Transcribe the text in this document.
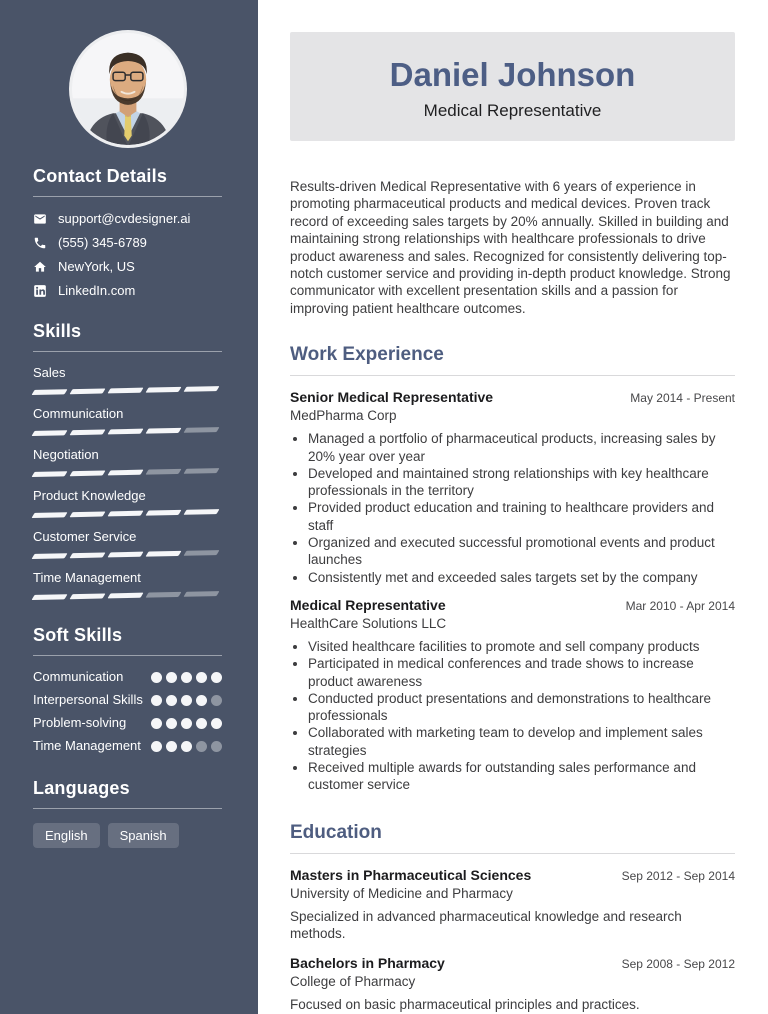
Contact Details
support@cvdesigner.ai
(555) 345-6789
NewYork, US
LinkedIn.com
Skills
Sales
Communication
Negotiation
Product Knowledge
Customer Service
Time Management
Soft Skills
Communication
Interpersonal Skills
Problem-solving
Time Management
Languages
English	Spanish
Daniel Johnson
Medical Representative

Results-driven Medical Representative with 6 years of experience in promoting pharmaceutical products and medical devices. Proven track record of exceeding sales targets by 20% annually. Skilled in building and maintaining strong relationships with healthcare professionals to drive product awareness and sales. Recognized for consistently delivering top-notch customer service and providing in-depth product knowledge. Strong communicator with excellent presentation skills and a passion for improving patient healthcare outcomes.

Work Experience
Senior Medical Representative	May 2014 - Present
MedPharma Corp
• Managed a portfolio of pharmaceutical products, increasing sales by 20% year over year
• Developed and maintained strong relationships with key healthcare professionals in the territory
• Provided product education and training to healthcare providers and staff
• Organized and executed successful promotional events and product launches
• Consistently met and exceeded sales targets set by the company
Medical Representative	Mar 2010 - Apr 2014
HealthCare Solutions LLC
• Visited healthcare facilities to promote and sell company products
• Participated in medical conferences and trade shows to increase product awareness
• Conducted product presentations and demonstrations to healthcare professionals
• Collaborated with marketing team to develop and implement sales strategies
• Received multiple awards for outstanding sales performance and customer service
Education
Masters in Pharmaceutical Sciences	Sep 2012 - Sep 2014
University of Medicine and Pharmacy
Specialized in advanced pharmaceutical knowledge and research methods.
Bachelors in Pharmacy	Sep 2008 - Sep 2012
College of Pharmacy
Focused on basic pharmaceutical principles and practices.
